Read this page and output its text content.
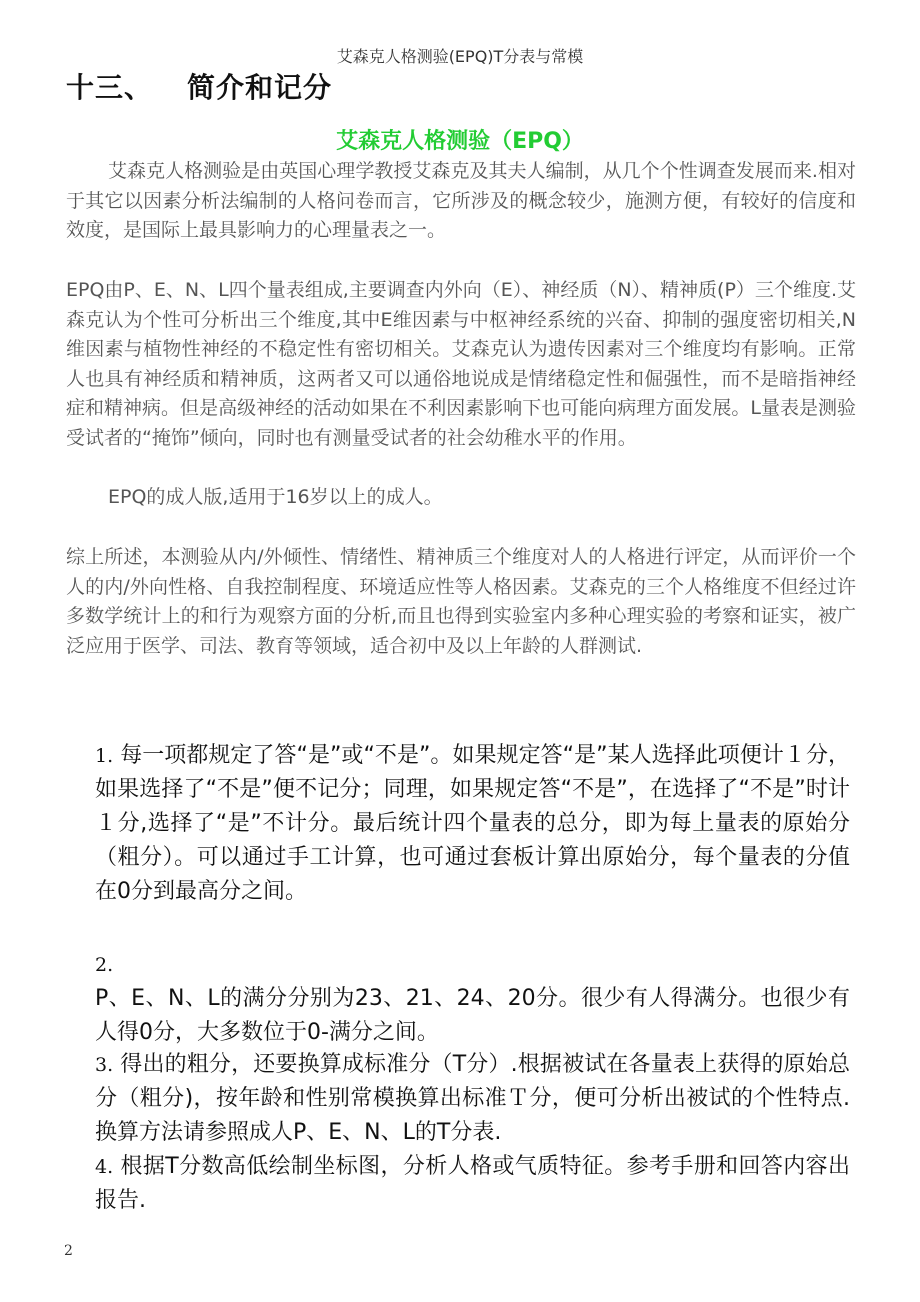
艾森克人格测验(EPQ)T分表与常模
十三、 简介和记分
艾森克人格测验（EPQ）
艾森克人格测验是由英国心理学教授艾森克及其夫人编制，从几个个性调查发展而来.相对于其它以因素分析法编制的人格问卷而言，它所涉及的概念较少，施测方便，有较好的信度和效度，是国际上最具影响力的心理量表之一。
EPQ由P、E、N、L四个量表组成,主要调查内外向（E）、神经质（N）、精神质(P）三个维度.艾森克认为个性可分析出三个维度,其中E维因素与中枢神经系统的兴奋、抑制的强度密切相关,N维因素与植物性神经的不稳定性有密切相关。艾森克认为遗传因素对三个维度均有影响。正常人也具有神经质和精神质，这两者又可以通俗地说成是情绪稳定性和倔强性，而不是暗指神经症和精神病。但是高级神经的活动如果在不利因素影响下也可能向病理方面发展。L量表是测验受试者的“掩饰”倾向，同时也有测量受试者的社会幼稚水平的作用。
EPQ的成人版,适用于16岁以上的成人。
综上所述，本测验从内/外倾性、情绪性、精神质三个维度对人的人格进行评定，从而评价一个人的内/外向性格、自我控制程度、环境适应性等人格因素。艾森克的三个人格维度不但经过许多数学统计上的和行为观察方面的分析,而且也得到实验室内多种心理实验的考察和证实，被广泛应用于医学、司法、教育等领域，适合初中及以上年龄的人群测试.
1. 每一项都规定了答“是”或“不是”。如果规定答“是”某人选择此项便计１分，如果选择了“不是”便不记分；同理，如果规定答“不是”，在选择了“不是”时计１分,选择了“是”不计分。最后统计四个量表的总分，即为每上量表的原始分（粗分）。可以通过手工计算，也可通过套板计算出原始分，每个量表的分值在0分到最高分之间。
2.
P、E、N、L的满分分别为23、21、24、20分。很少有人得满分。也很少有人得0分，大多数位于0-满分之间。
3. 得出的粗分，还要换算成标准分（T分）.根据被试在各量表上获得的原始总分（粗分)，按年龄和性别常模换算出标准Ｔ分，便可分析出被试的个性特点.换算方法请参照成人P、E、N、L的T分表.
4. 根据T分数高低绘制坐标图，分析人格或气质特征。参考手册和回答内容出报告.
2
